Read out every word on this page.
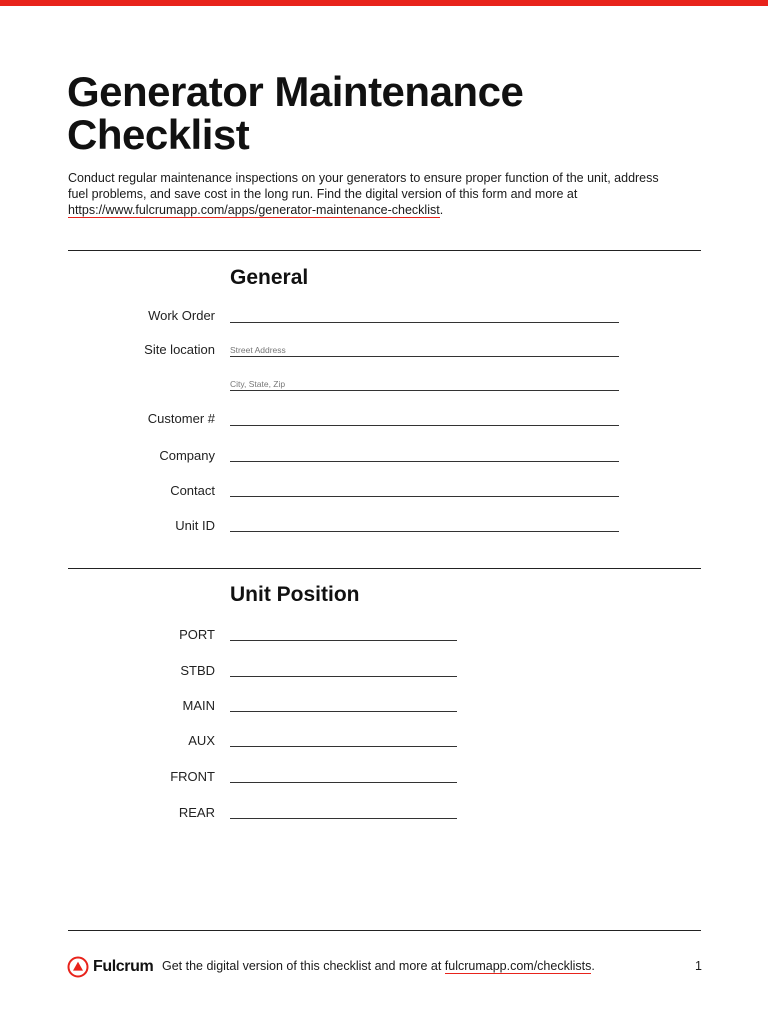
Generator Maintenance Checklist

Conduct regular maintenance inspections on your generators to ensure proper function of the unit, address fuel problems, and save cost in the long run. Find the digital version of this form and more at https://www.fulcrumapp.com/apps/generator-maintenance-checklist.

General
Work Order
Site location Street Address
City, State, Zip
Customer #
Company
Contact
Unit ID
Unit Position
PORT
STBD
MAIN
AUX
FRONT
REAR
Fulcrum Get the digital version of this checklist and more at fulcrumapp.com/checklists.	1
